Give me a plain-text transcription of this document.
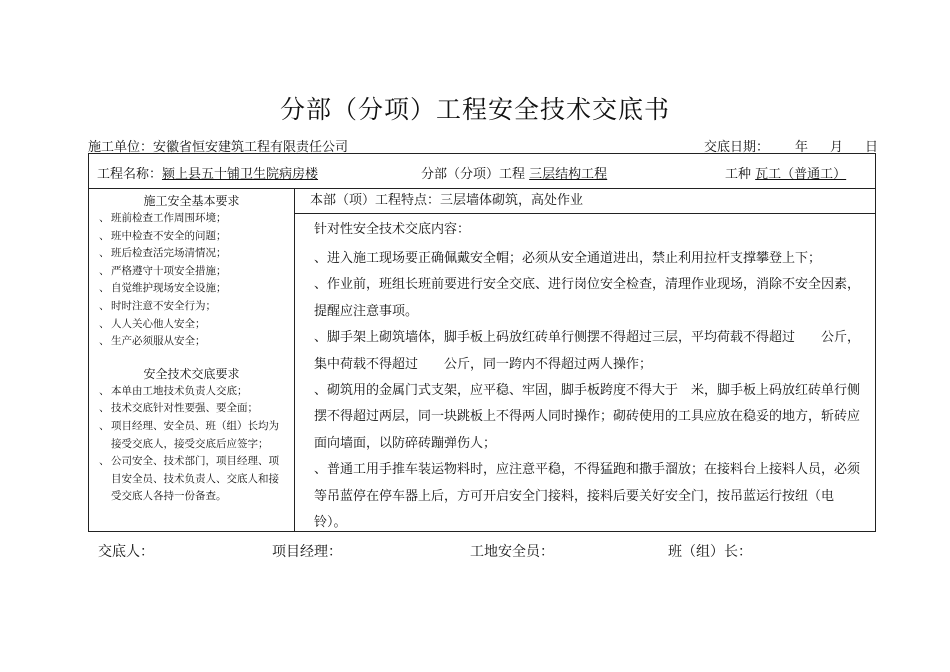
分部（分项）工程安全技术交底书
施工单位：安徽省恒安建筑工程有限责任公司	交底日期： 年 月 日
工程名称：颍上县五十铺卫生院病房楼	分部（分项）工程 三层结构工程	工种 瓦工（普通工）
施工安全基本要求
、 班前检查工作周围环境；
、 班中检查不安全的问题；
、 班后检查活完场清情况；
、 严格遵守十项安全措施；
、 自觉维护现场安全设施；
、 时时注意不安全行为；
、 人人关心他人安全；
、 生产必须服从安全；
安全技术交底要求
、 本单由工地技术负责人交底；
、 技术交底针对性要强、要全面；
、 项目经理、安全员、班（组）长均为接受交底人，接受交底后应签字；
、 公司安全、技术部门，项目经理、项目安全员、技术负责人、交底人和接受交底人各持一份备查。
本部（项）工程特点：三层墙体砌筑，高处作业
针对性安全技术交底内容：

、进入施工现场要正确佩戴安全帽；必须从安全通道进出，禁止利用拉杆支撑攀登上下；

、作业前，班组长班前要进行安全交底、进行岗位安全检查，清理作业现场，消除不安全因素，提醒应注意事项。

、脚手架上砌筑墙体，脚手板上码放红砖单行侧摆不得超过三层，平均荷载不得超过　　公斤，集中荷载不得超过　　公斤，同一跨内不得超过两人操作；

、砌筑用的金属门式支架，应平稳、牢固，脚手板跨度不得大于　米，脚手板上码放红砖单行侧摆不得超过两层，同一块跳板上不得两人同时操作；砌砖使用的工具应放在稳妥的地方，斩砖应面向墙面，以防碎砖蹦弹伤人；

、普通工用手推车装运物料时，应注意平稳，不得猛跑和撒手溜放；在接料台上接料人员，必须等吊蓝停在停车器上后，方可开启安全门接料，接料后要关好安全门，按吊蓝运行按纽（电铃）。

交底人：	项目经理：	工地安全员：	班（组）长：
